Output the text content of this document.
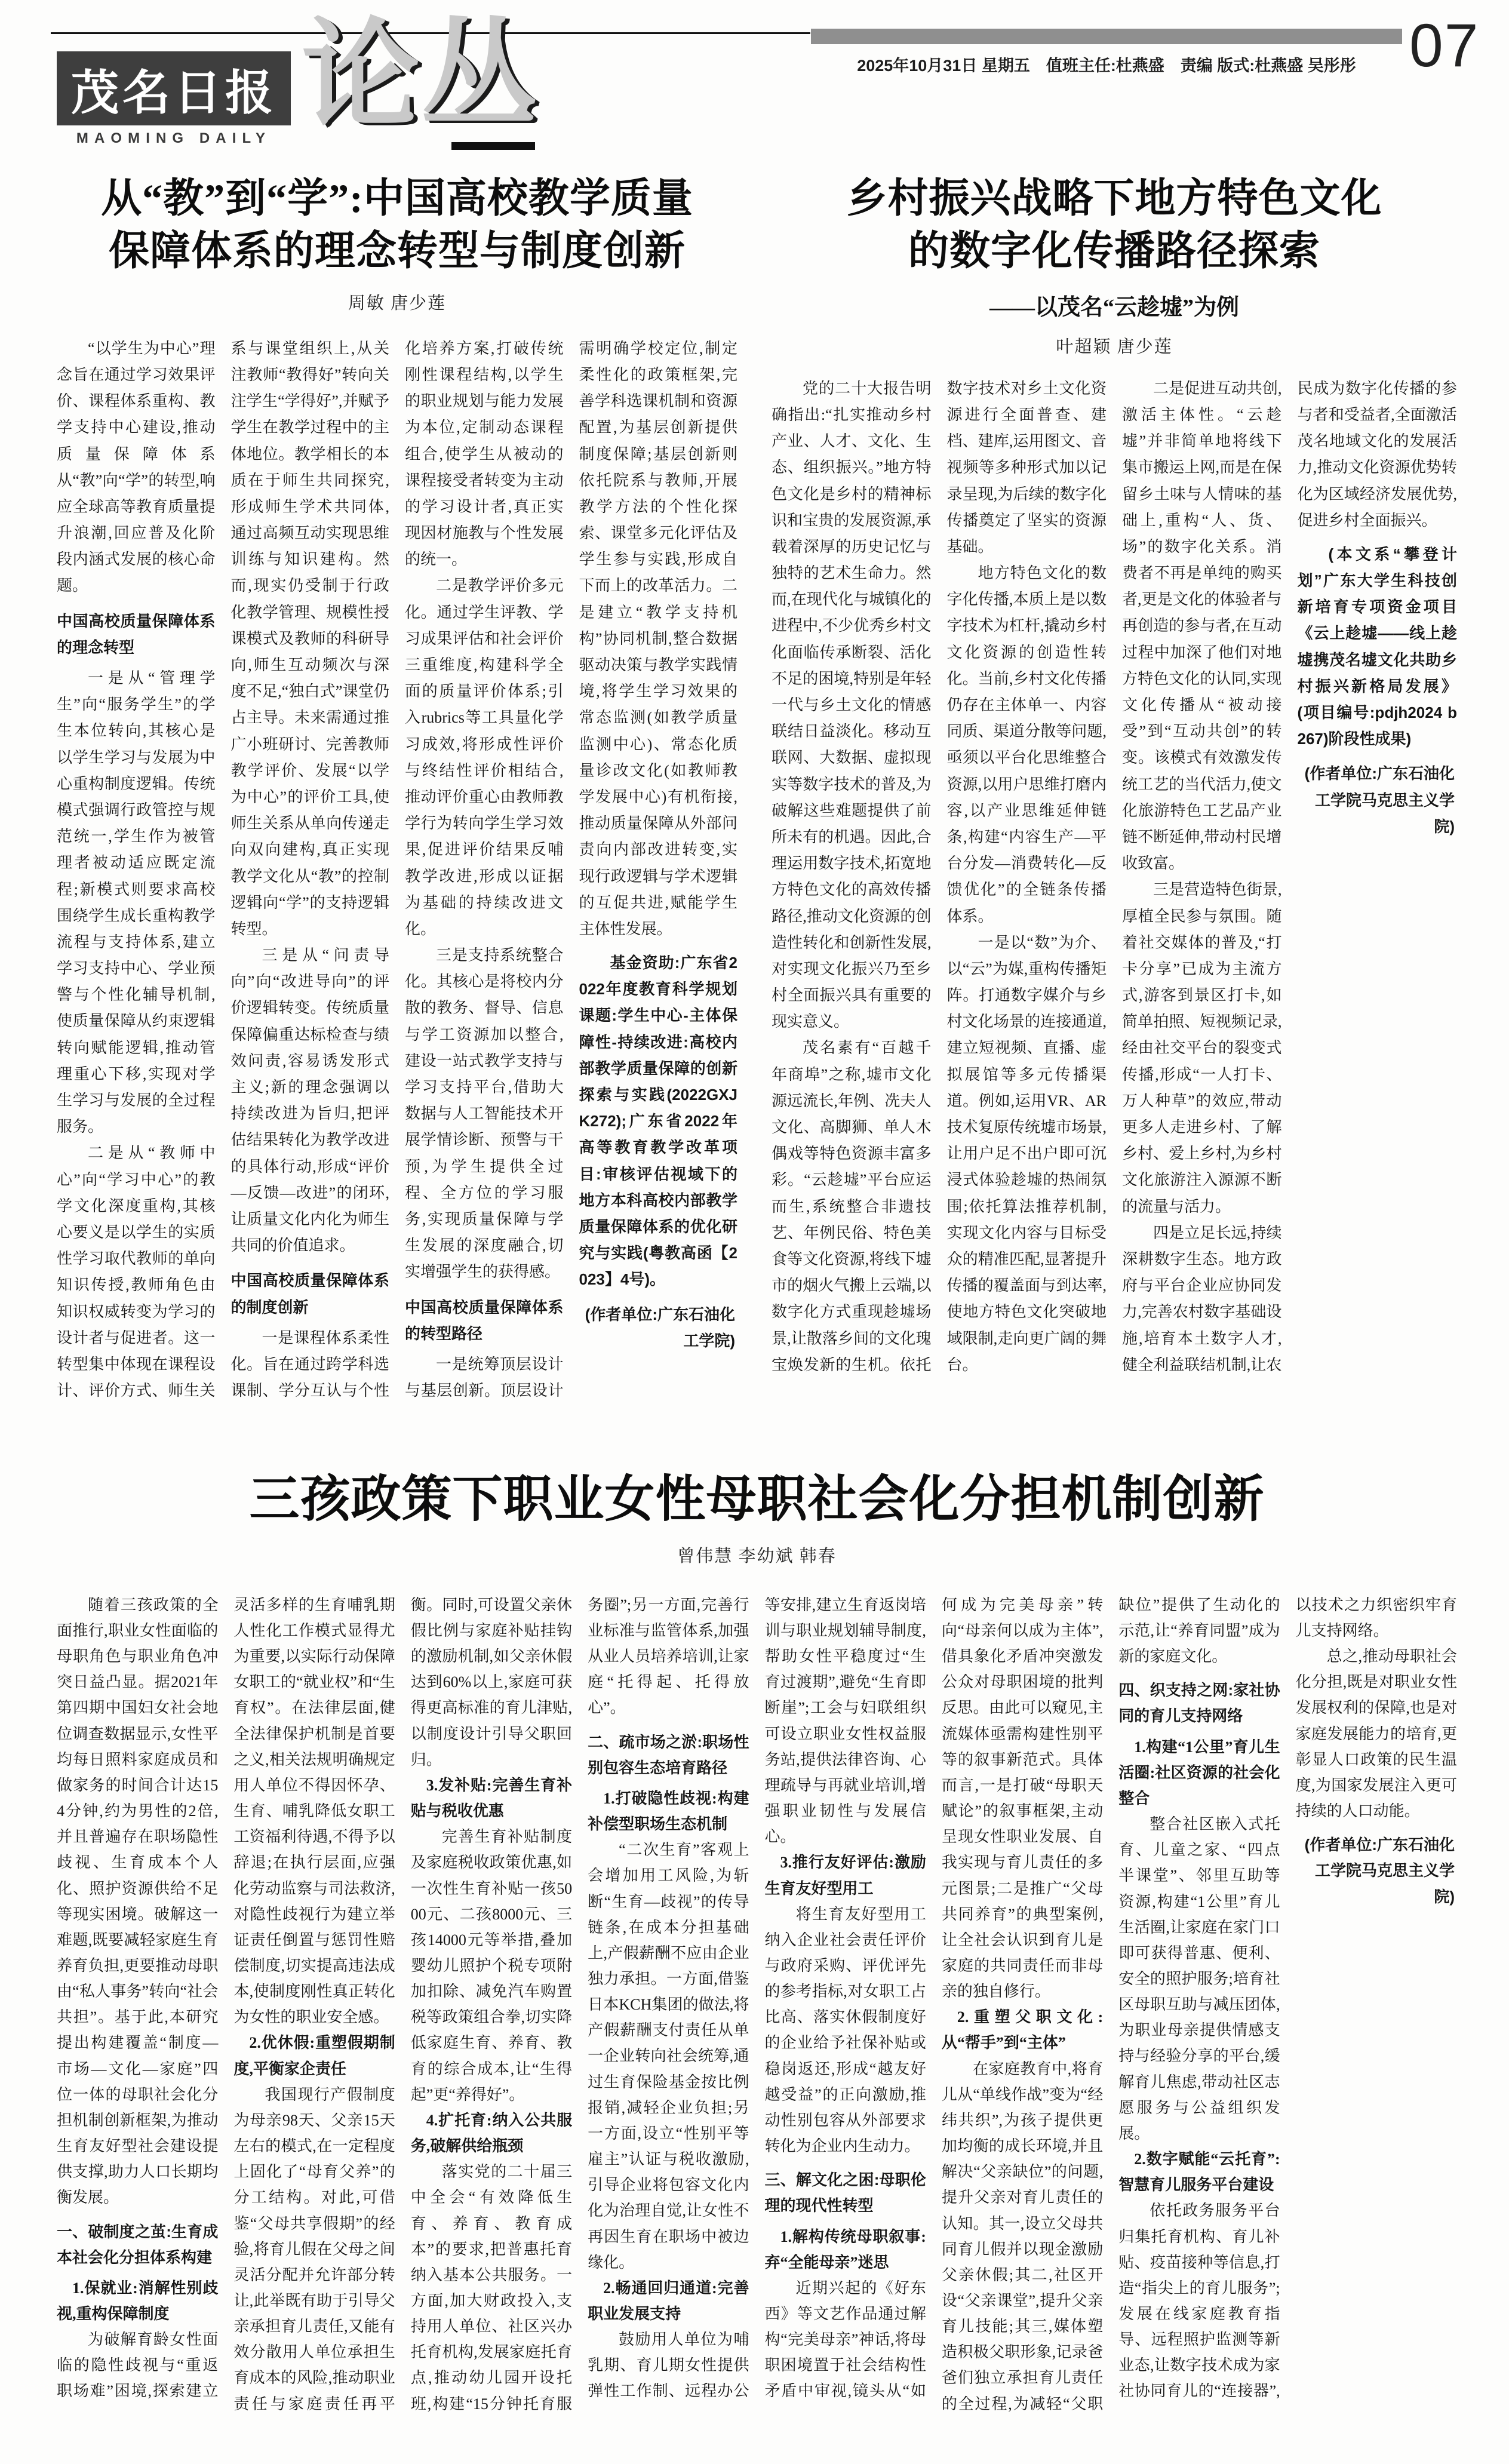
07
茂名日报
MAOMING DAILY 论丛	2025年10月31日 星期五　值班主任:杜燕盛　责编 版式:杜燕盛 吴彤彤
从“教”到“学”:中国高校教学质量
保障体系的理念转型与制度创新
周敏 唐少莲

“以学生为中心”理念旨在通过学习效果评价、课程体系重构、教学支持中心建设,推动质量保障体系从“教”向“学”的转型,响应全球高等教育质量提升浪潮,回应普及化阶段内涵式发展的核心命题。

中国高校质量保障体系的理念转型

一是从“管理学生”向“服务学生”的学生本位转向,其核心是以学生学习与发展为中心重构制度逻辑。传统模式强调行政管控与规范统一,学生作为被管理者被动适应既定流程;新模式则要求高校围绕学生成长重构教学流程与支持体系,建立学习支持中心、学业预警与个性化辅导机制,使质量保障从约束逻辑转向赋能逻辑,推动管理重心下移,实现对学生学习与发展的全过程服务。

二是从“教师中心”向“学习中心”的教学文化深度重构,其核心要义是以学生的实质性学习取代教师的单向知识传授,教师角色由知识权威转变为学习的设计者与促进者。这一转型集中体现在课程设计、评价方式、师生关系与课堂组织上,从关注教师“教得好”转向关注学生“学得好”,并赋予学生在教学过程中的主体地位。教学相长的本质在于师生共同探究,形成师生学术共同体,通过高频互动实现思维训练与知识建构。然而,现实仍受制于行政化教学管理、规模性授课模式及教师的科研导向,师生互动频次与深度不足,“独白式”课堂仍占主导。未来需通过推广小班研讨、完善教师教学评价、发展“以学为中心”的评价工具,使师生关系从单向传递走向双向建构,真正实现教学文化从“教”的控制逻辑向“学”的支持逻辑转型。

三是从“问责导向”向“改进导向”的评价逻辑转变。传统质量保障偏重达标检查与绩效问责,容易诱发形式主义;新的理念强调以持续改进为旨归,把评估结果转化为教学改进的具体行动,形成“评价—反馈—改进”的闭环,让质量文化内化为师生共同的价值追求。

中国高校质量保障体系的制度创新

一是课程体系柔性化。旨在通过跨学科选课制、学分互认与个性化培养方案,打破传统刚性课程结构,以学生的职业规划与能力发展为本位,定制动态课程组合,使学生从被动的课程接受者转变为主动的学习设计者,真正实现因材施教与个性发展的统一。

二是教学评价多元化。通过学生评教、学习成果评估和社会评价三重维度,构建科学全面的质量评价体系;引入rubrics等工具量化学习成效,将形成性评价与终结性评价相结合,推动评价重心由教师教学行为转向学生学习效果,促进评价结果反哺教学改进,形成以证据为基础的持续改进文化。

三是支持系统整合化。其核心是将校内分散的教务、督导、信息与学工资源加以整合,建设一站式教学支持与学习支持平台,借助大数据与人工智能技术开展学情诊断、预警与干预,为学生提供全过程、全方位的学习服务,实现质量保障与学生发展的深度融合,切实增强学生的获得感。

中国高校质量保障体系的转型路径

一是统筹顶层设计与基层创新。顶层设计需明确学校定位,制定柔性化的政策框架,完善学科选课机制和资源配置,为基层创新提供制度保障;基层创新则依托院系与教师,开展教学方法的个性化探索、课堂多元化评估及学生参与实践,形成自下而上的改革活力。二是建立“教学支持机构”协同机制,整合数据驱动决策与教学实践情境,将学生学习效果的常态监测(如教学质量监测中心)、常态化质量诊改文化(如教师教学发展中心)有机衔接,推动质量保障从外部问责向内部改进转变,实现行政逻辑与学术逻辑的互促共进,赋能学生主体性发展。

基金资助:广东省2022年度教育科学规划课题:学生中心-主体保障性-持续改进:高校内部教学质量保障的创新探索与实践(2022GXJK272);广东省2022年高等教育教学改革项目:审核评估视域下的地方本科高校内部教学质量保障体系的优化研究与实践(粤教高函【2023】4号)。

(作者单位:广东石油化工学院)

乡村振兴战略下地方特色文化
的数字化传播路径探索
——以茂名“云趁墟”为例
叶超颖 唐少莲

党的二十大报告明确指出:“扎实推动乡村产业、人才、文化、生态、组织振兴。”地方特色文化是乡村的精神标识和宝贵的发展资源,承载着深厚的历史记忆与独特的艺术生命力。然而,在现代化与城镇化的进程中,不少优秀乡村文化面临传承断裂、活化不足的困境,特别是年轻一代与乡土文化的情感联结日益淡化。移动互联网、大数据、虚拟现实等数字技术的普及,为破解这些难题提供了前所未有的机遇。因此,合理运用数字技术,拓宽地方特色文化的高效传播路径,推动文化资源的创造性转化和创新性发展,对实现文化振兴乃至乡村全面振兴具有重要的现实意义。

茂名素有“百越千年商埠”之称,墟市文化源远流长,年例、冼夫人文化、高脚狮、单人木偶戏等特色资源丰富多彩。“云趁墟”平台应运而生,系统整合非遗技艺、年例民俗、特色美食等文化资源,将线下墟市的烟火气搬上云端,以数字化方式重现趁墟场景,让散落乡间的文化瑰宝焕发新的生机。依托数字技术对乡土文化资源进行全面普查、建档、建库,运用图文、音视频等多种形式加以记录呈现,为后续的数字化传播奠定了坚实的资源基础。

地方特色文化的数字化传播,本质上是以数字技术为杠杆,撬动乡村文化资源的创造性转化。当前,乡村文化传播仍存在主体单一、内容同质、渠道分散等问题,亟须以平台化思维整合资源,以用户思维打磨内容,以产业思维延伸链条,构建“内容生产—平台分发—消费转化—反馈优化”的全链条传播体系。

一是以“数”为介、以“云”为媒,重构传播矩阵。打通数字媒介与乡村文化场景的连接通道,建立短视频、直播、虚拟展馆等多元传播渠道。例如,运用VR、AR技术复原传统墟市场景,让用户足不出户即可沉浸式体验趁墟的热闹氛围;依托算法推荐机制,实现文化内容与目标受众的精准匹配,显著提升传播的覆盖面与到达率,使地方特色文化突破地域限制,走向更广阔的舞台。

二是促进互动共创,激活主体性。“云趁墟”并非简单地将线下集市搬运上网,而是在保留乡土味与人情味的基础上,重构“人、货、场”的数字化关系。消费者不再是单纯的购买者,更是文化的体验者与再创造的参与者,在互动过程中加深了他们对地方特色文化的认同,实现文化传播从“被动接受”到“互动共创”的转变。该模式有效激发传统工艺的当代活力,使文化旅游特色工艺品产业链不断延伸,带动村民增收致富。

三是营造特色街景,厚植全民参与氛围。随着社交媒体的普及,“打卡分享”已成为主流方式,游客到景区打卡,如简单拍照、短视频记录,经由社交平台的裂变式传播,形成“一人打卡、万人种草”的效应,带动更多人走进乡村、了解乡村、爱上乡村,为乡村文化旅游注入源源不断的流量与活力。

四是立足长远,持续深耕数字生态。地方政府与平台企业应协同发力,完善农村数字基础设施,培育本土数字人才,健全利益联结机制,让农民成为数字化传播的参与者和受益者,全面激活茂名地域文化的发展活力,推动文化资源优势转化为区域经济发展优势,促进乡村全面振兴。

(本文系“攀登计划”广东大学生科技创新培育专项资金项目《云上趁墟——线上趁墟携茂名墟文化共助乡村振兴新格局发展》(项目编号:pdjh2024 b267)阶段性成果)

(作者单位:广东石油化工学院马克思主义学院)

三孩政策下职业女性母职社会化分担机制创新
曾伟慧 李幼斌 韩春

随着三孩政策的全面推行,职业女性面临的母职角色与职业角色冲突日益凸显。据2021年第四期中国妇女社会地位调查数据显示,女性平均每日照料家庭成员和做家务的时间合计达154分钟,约为男性的2倍,并且普遍存在职场隐性歧视、生育成本个人化、照护资源供给不足等现实困境。破解这一难题,既要减轻家庭生育养育负担,更要推动母职由“私人事务”转向“社会共担”。基于此,本研究提出构建覆盖“制度—市场—文化—家庭”四位一体的母职社会化分担机制创新框架,为推动生育友好型社会建设提供支撑,助力人口长期均衡发展。

一、破制度之茧:生育成本社会化分担体系构建

1.保就业:消解性别歧视,重构保障制度

为破解育龄女性面临的隐性歧视与“重返职场难”困境,探索建立灵活多样的生育哺乳期人性化工作模式显得尤为重要,以实际行动保障女职工的“就业权”和“生育权”。在法律层面,健全法律保护机制是首要之义,相关法规明确规定用人单位不得因怀孕、生育、哺乳降低女职工工资福利待遇,不得予以辞退;在执行层面,应强化劳动监察与司法救济,对隐性歧视行为建立举证责任倒置与惩罚性赔偿制度,切实提高违法成本,使制度刚性真正转化为女性的职业安全感。

2.优休假:重塑假期制度,平衡家企责任

我国现行产假制度为母亲98天、父亲15天左右的模式,在一定程度上固化了“母育父养”的分工结构。对此,可借鉴“父母共享假期”的经验,将育儿假在父母之间灵活分配并允许部分转让,此举既有助于引导父亲承担育儿责任,又能有效分散用人单位承担生育成本的风险,推动职业责任与家庭责任再平衡。同时,可设置父亲休假比例与家庭补贴挂钩的激励机制,如父亲休假达到60%以上,家庭可获得更高标准的育儿津贴,以制度设计引导父职回归。

3.发补贴:完善生育补贴与税收优惠

完善生育补贴制度及家庭税收政策优惠,如一次性生育补贴一孩5000元、二孩8000元、三孩14000元等举措,叠加婴幼儿照护个税专项附加扣除、减免汽车购置税等政策组合拳,切实降低家庭生育、养育、教育的综合成本,让“生得起”更“养得好”。

4.扩托育:纳入公共服务,破解供给瓶颈

落实党的二十届三中全会“有效降低生育、养育、教育成本”的要求,把普惠托育纳入基本公共服务。一方面,加大财政投入,支持用人单位、社区兴办托育机构,发展家庭托育点,推动幼儿园开设托班,构建“15分钟托育服务圈”;另一方面,完善行业标准与监管体系,加强从业人员培养培训,让家庭“托得起、托得放心”。

二、疏市场之淤:职场性别包容生态培育路径

1.打破隐性歧视:构建补偿型职场生态机制

“二次生育”客观上会增加用工风险,为斩断“生育—歧视”的传导链条,在成本分担基础上,产假薪酬不应由企业独力承担。一方面,借鉴日本KCH集团的做法,将产假薪酬支付责任从单一企业转向社会统筹,通过生育保险基金按比例报销,减轻企业负担;另一方面,设立“性别平等雇主”认证与税收激励,引导企业将包容文化内化为治理自觉,让女性不再因生育在职场中被边缘化。

2.畅通回归通道:完善职业发展支持

鼓励用人单位为哺乳期、育儿期女性提供弹性工作制、远程办公等安排,建立生育返岗培训与职业规划辅导制度,帮助女性平稳度过“生育过渡期”,避免“生育即断崖”;工会与妇联组织可设立职业女性权益服务站,提供法律咨询、心理疏导与再就业培训,增强职业韧性与发展信心。

3.推行友好评估:激励生育友好型用工

将生育友好型用工纳入企业社会责任评价与政府采购、评优评先的参考指标,对女职工占比高、落实休假制度好的企业给予社保补贴或稳岗返还,形成“越友好越受益”的正向激励,推动性别包容从外部要求转化为企业内生动力。

三、解文化之困:母职伦理的现代性转型

1.解构传统母职叙事:弃“全能母亲”迷思

近期兴起的《好东西》等文艺作品通过解构“完美母亲”神话,将母职困境置于社会结构性矛盾中审视,镜头从“如何成为完美母亲”转向“母亲何以成为主体”,借具象化矛盾冲突激发公众对母职困境的批判反思。由此可以窥见,主流媒体亟需构建性别平等的叙事新范式。具体而言,一是打破“母职天赋论”的叙事框架,主动呈现女性职业发展、自我实现与育儿责任的多元图景;二是推广“父母共同养育”的典型案例,让全社会认识到育儿是家庭的共同责任而非母亲的独自修行。

2.重塑父职文化:从“帮手”到“主体”

在家庭教育中,将育儿从“单线作战”变为“经纬共织”,为孩子提供更加均衡的成长环境,并且解决“父亲缺位”的问题,提升父亲对育儿责任的认知。其一,设立父母共同育儿假并以现金激励父亲休假;其二,社区开设“父亲课堂”,提升父亲育儿技能;其三,媒体塑造积极父职形象,记录爸爸们独立承担育儿责任的全过程,为减轻“父职缺位”提供了生动化的示范,让“养育同盟”成为新的家庭文化。

四、织支持之网:家社协同的育儿支持网络

1.构建“1公里”育儿生活圈:社区资源的社会化整合

整合社区嵌入式托育、儿童之家、“四点半课堂”、邻里互助等资源,构建“1公里”育儿生活圈,让家庭在家门口即可获得普惠、便利、安全的照护服务;培育社区母职互助与减压团体,为职业母亲提供情感支持与经验分享的平台,缓解育儿焦虑,带动社区志愿服务与公益组织发展。

2.数字赋能“云托育”:智慧育儿服务平台建设

依托政务服务平台归集托育机构、育儿补贴、疫苗接种等信息,打造“指尖上的育儿服务”;发展在线家庭教育指导、远程照护监测等新业态,让数字技术成为家社协同育儿的“连接器”,以技术之力织密织牢育儿支持网络。

总之,推动母职社会化分担,既是对职业女性发展权利的保障,也是对家庭发展能力的培育,更彰显人口政策的民生温度,为国家发展注入更可持续的人口动能。

(作者单位:广东石油化工学院马克思主义学院)
